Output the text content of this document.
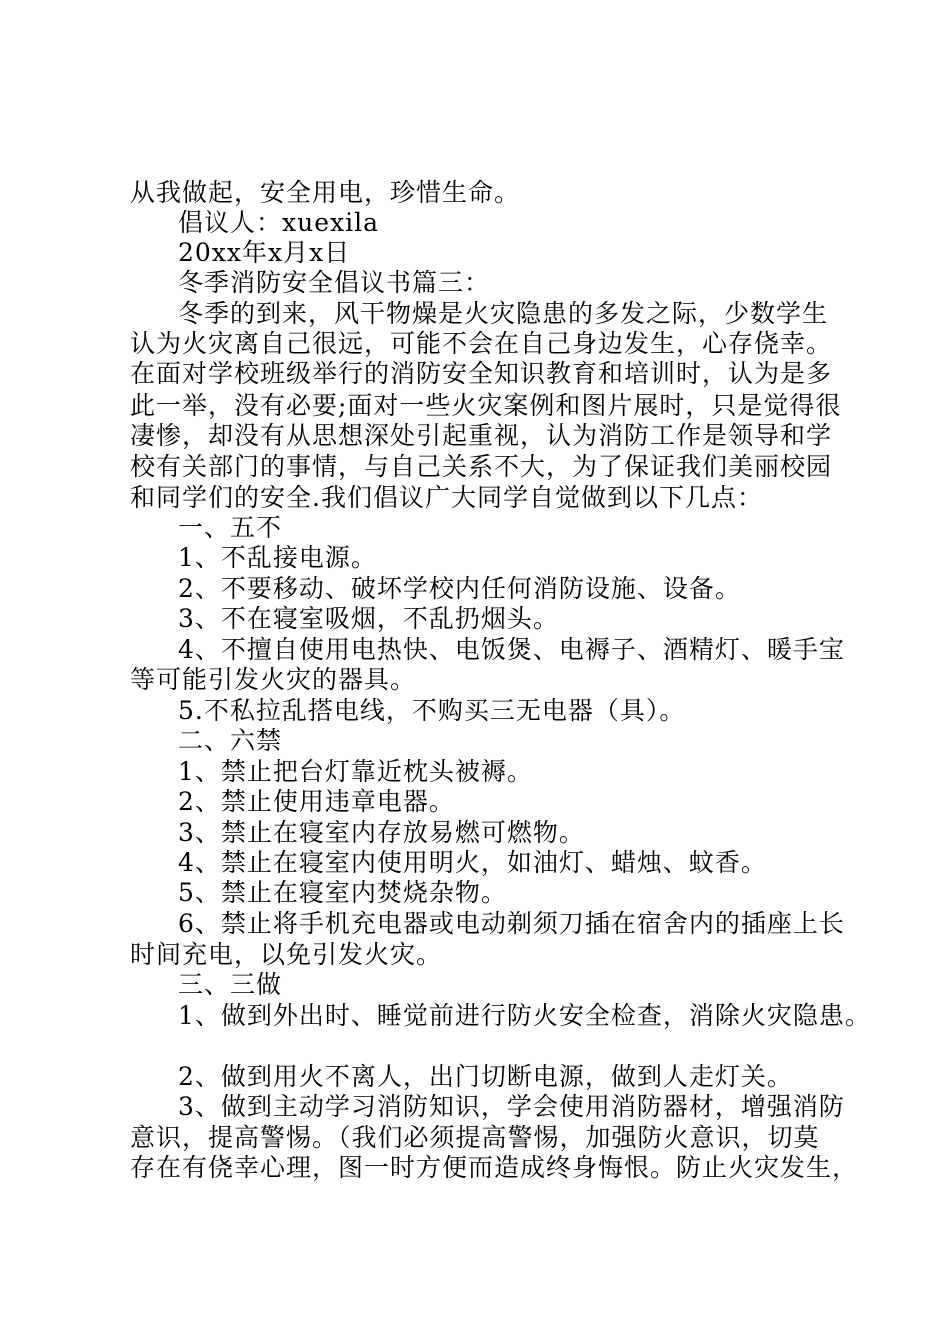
从我做起，安全用电，珍惜生命。

倡议人：xuexila

20xx年x月x日

冬季消防安全倡议书篇三：

冬季的到来，风干物燥是火灾隐患的多发之际，少数学生

认为火灾离自己很远，可能不会在自己身边发生，心存侥幸。

在面对学校班级举行的消防安全知识教育和培训时，认为是多

此一举，没有必要;面对一些火灾案例和图片展时，只是觉得很

凄惨，却没有从思想深处引起重视，认为消防工作是领导和学

校有关部门的事情，与自己关系不大，为了保证我们美丽校园

和同学们的安全.我们倡议广大同学自觉做到以下几点：

一、五不

1、不乱接电源。

2、不要移动、破坏学校内任何消防设施、设备。

3、不在寝室吸烟，不乱扔烟头。

4、不擅自使用电热快、电饭煲、电褥子、酒精灯、暖手宝

等可能引发火灾的器具。

5.不私拉乱搭电线，不购买三无电器（具）。

二、六禁

1、禁止把台灯靠近枕头被褥。

2、禁止使用违章电器。

3、禁止在寝室内存放易燃可燃物。

4、禁止在寝室内使用明火，如油灯、蜡烛、蚊香。

5、禁止在寝室内焚烧杂物。

6、禁止将手机充电器或电动剃须刀插在宿舍内的插座上长

时间充电，以免引发火灾。

三、三做

1、做到外出时、睡觉前进行防火安全检查，消除火灾隐患。

2、做到用火不离人，出门切断电源，做到人走灯关。

3、做到主动学习消防知识，学会使用消防器材，增强消防

意识，提高警惕。（我们必须提高警惕，加强防火意识，切莫

存在有侥幸心理，图一时方便而造成终身悔恨。防止火灾发生，
